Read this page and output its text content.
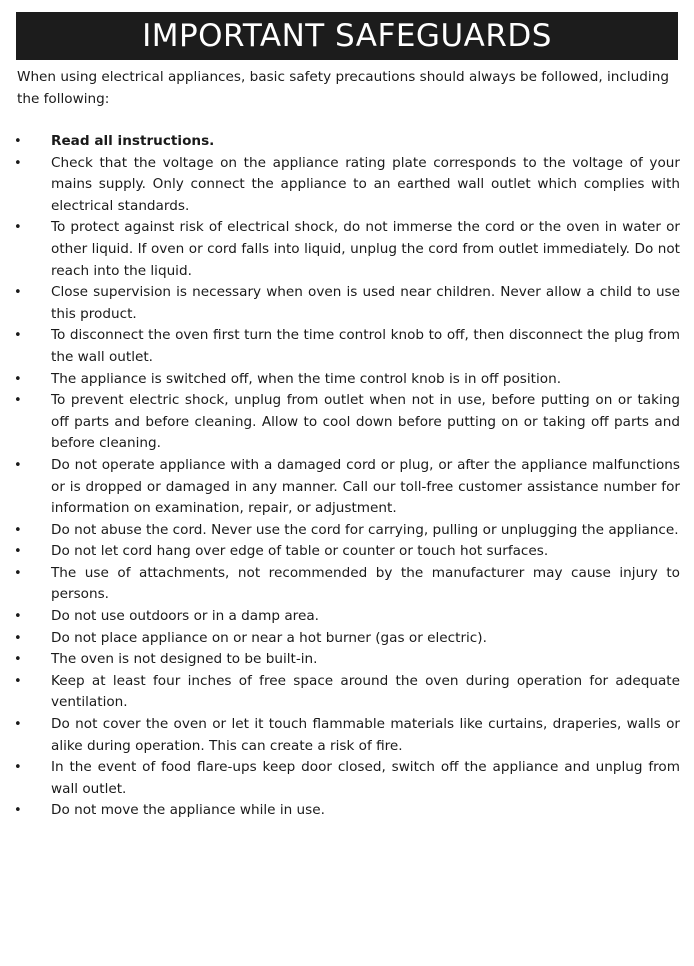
IMPORTANT SAFEGUARDS
When using electrical appliances, basic safety precautions should always be followed, including the following:
•	Read all instructions.
•	Check that the voltage on the appliance rating plate corresponds to the voltage of your mains supply. Only connect the appliance to an earthed wall outlet which complies with electrical standards.
•	To protect against risk of electrical shock, do not immerse the cord or the oven in water or other liquid. If oven or cord falls into liquid, unplug the cord from outlet immediately. Do not reach into the liquid.
•	Close supervision is necessary when oven is used near children. Never allow a child to use this product.
•	To disconnect the oven first turn the time control knob to off, then disconnect the plug from the wall outlet.
•	The appliance is switched off, when the time control knob is in off position.
•	To prevent electric shock, unplug from outlet when not in use, before putting on or taking off parts and before cleaning. Allow to cool down before putting on or taking off parts and before cleaning.
•	Do not operate appliance with a damaged cord or plug, or after the appliance malfunctions or is dropped or damaged in any manner. Call our toll-free customer assistance number for information on examination, repair, or adjustment.
•	Do not abuse the cord. Never use the cord for carrying, pulling or unplugging the appliance.
•	Do not let cord hang over edge of table or counter or touch hot surfaces.
•	The use of attachments, not recommended by the manufacturer may cause injury to persons.
•	Do not use outdoors or in a damp area.
•	Do not place appliance on or near a hot burner (gas or electric).
•	The oven is not designed to be built-in.
•	Keep at least four inches of free space around the oven during operation for adequate ventilation.
•	Do not cover the oven or let it touch flammable materials like curtains, draperies, walls or alike during operation. This can create a risk of fire.
•	In the event of food flare-ups keep door closed, switch off the appliance and unplug from wall outlet.
•	Do not move the appliance while in use.
